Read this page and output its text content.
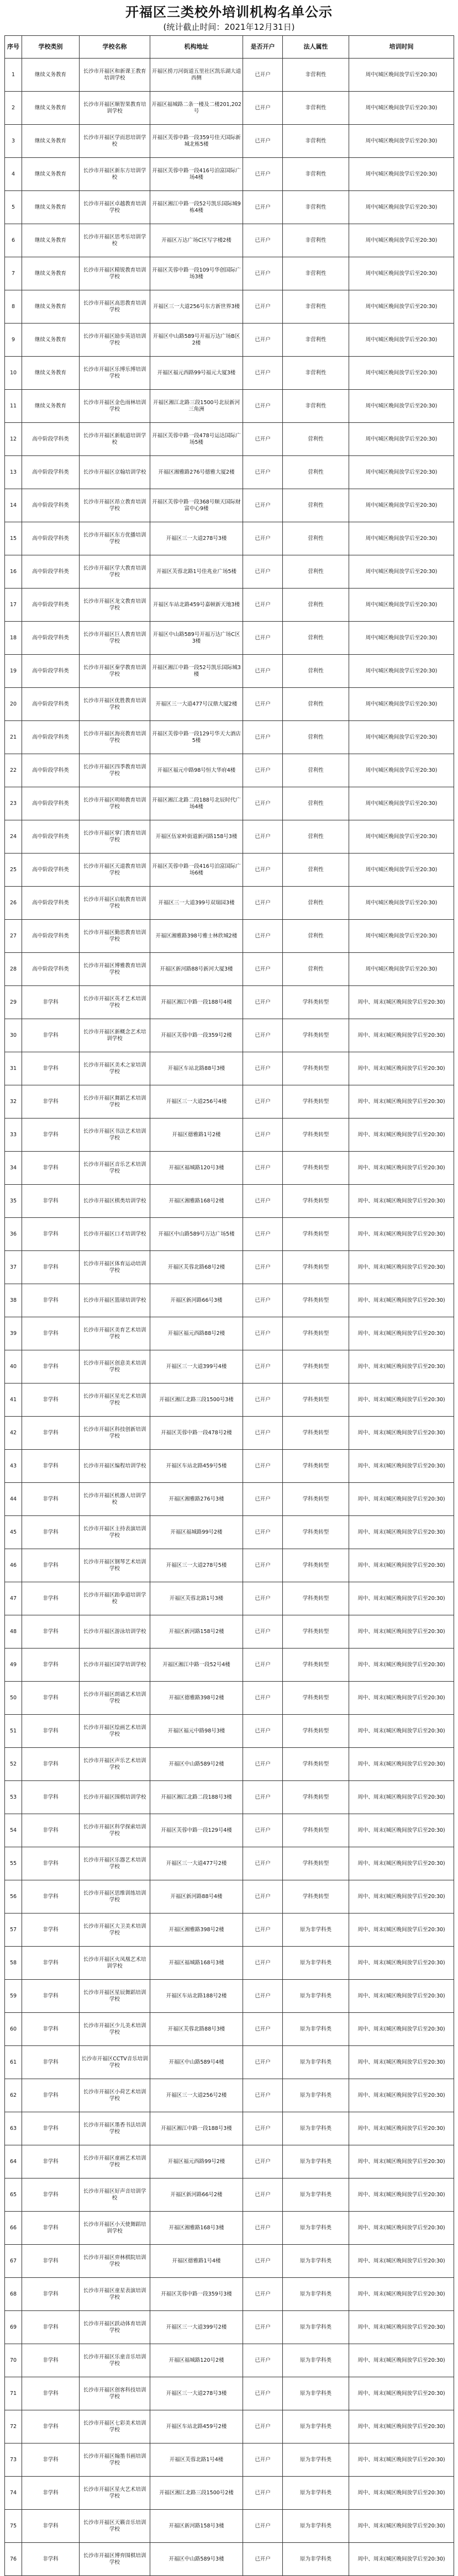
开福区三类校外培训机构名单公示
(统计截止时间：2021年12月31日)
序号	学校类别	学校名称	机构地址	是否开户	法人属性	培训时间
1	继续义务教育	长沙市开福区和新课王教育培训学校	开福区捞刀河街道五里社区凯乐湖大道西侧	已开户	非营利性	周中(城区晚间放学后至20:30)
2	继续义务教育	长沙市开福区顺智果教育培训学校	开福区福城路二条一楼及二楼201,202号	已开户	非营利性	周中(城区晚间放学后至20:30)
3	继续义务教育	长沙市开福区学而思培训学校	开福区芙蓉中路一段359号佳天国际新城北栋5楼	已开户	非营利性	周中(城区晚间放学后至20:30)
4	继续义务教育	长沙市开福区新东方培训学校	开福区芙蓉中路一段416号泊富国际广场4楼	已开户	非营利性	周中(城区晚间放学后至20:30)
5	继续义务教育	长沙市开福区卓越教育培训学校	开福区湘江中路一段52号凯乐国际城9栋4楼	已开户	非营利性	周中(城区晚间放学后至20:30)
6	继续义务教育	长沙市开福区思考乐培训学校	开福区万达广场C区写字楼2楼	已开户	非营利性	周中(城区晚间放学后至20:30)
7	继续义务教育	长沙市开福区精锐教育培训学校	开福区芙蓉中路一段109号华创国际广场3楼	已开户	非营利性	周中(城区晚间放学后至20:30)
8	继续义务教育	长沙市开福区高思教育培训学校	开福区三一大道256号东方新世界3楼	已开户	非营利性	周中(城区晚间放学后至20:30)
9	继续义务教育	长沙市开福区励步英语培训学校	开福区中山路589号开福万达广场B区2楼	已开户	非营利性	周中(城区晚间放学后至20:30)
10	继续义务教育	长沙市开福区乐博乐博培训学校	开福区福元西路99号福元大厦3楼	已开户	非营利性	周中(城区晚间放学后至20:30)
11	继续义务教育	长沙市开福区金色雨林培训学校	开福区湘江北路三段1500号北辰新河三角洲	已开户	非营利性	周中(城区晚间放学后至20:30)
12	高中阶段学科类	长沙市开福区新航道培训学校	开福区芙蓉中路一段478号运达国际广场5楼	已开户	营利性	周中(城区晚间放学后至20:30)
13	高中阶段学科类	长沙市开福区京翰培训学校	开福区湘雅路276号德雅大厦2楼	已开户	营利性	周中(城区晚间放学后至20:30)
14	高中阶段学科类	长沙市开福区昂立教育培训学校	开福区芙蓉中路一段368号顺天国际财富中心9楼	已开户	营利性	周中(城区晚间放学后至20:30)
15	高中阶段学科类	长沙市开福区东方优播培训学校	开福区三一大道278号3楼	已开户	营利性	周中(城区晚间放学后至20:30)
16	高中阶段学科类	长沙市开福区学大教育培训学校	开福区芙蓉北路1号佳兆业广场5楼	已开户	营利性	周中(城区晚间放学后至20:30)
17	高中阶段学科类	长沙市开福区龙文教育培训学校	开福区车站北路459号嘉顿新天地3楼	已开户	营利性	周中(城区晚间放学后至20:30)
18	高中阶段学科类	长沙市开福区巨人教育培训学校	开福区中山路589号开福万达广场C区3楼	已开户	营利性	周中(城区晚间放学后至20:30)
19	高中阶段学科类	长沙市开福区秦学教育培训学校	开福区湘江中路一段52号凯乐国际城3楼	已开户	营利性	周中(城区晚间放学后至20:30)
20	高中阶段学科类	长沙市开福区优胜教育培训学校	开福区三一大道477号汉鼎大厦2楼	已开户	营利性	周中(城区晚间放学后至20:30)
21	高中阶段学科类	长沙市开福区海亮教育培训学校	开福区芙蓉中路一段129号华天大酒店5楼	已开户	营利性	周中(城区晚间放学后至20:30)
22	高中阶段学科类	长沙市开福区四季教育培训学校	开福区福元中路98号恒大华府4楼	已开户	营利性	周中(城区晚间放学后至20:30)
23	高中阶段学科类	长沙市开福区明师教育培训学校	开福区湘江北路二段188号北辰时代广场4楼	已开户	营利性	周中(城区晚间放学后至20:30)
24	高中阶段学科类	长沙市开福区掌门教育培训学校	开福区伍家岭街道新河路158号3楼	已开户	营利性	周中(城区晚间放学后至20:30)
25	高中阶段学科类	长沙市开福区天道教育培训学校	开福区芙蓉中路一段416号泊富国际广场6楼	已开户	营利性	周中(城区晚间放学后至20:30)
26	高中阶段学科类	长沙市开福区启航教育培训学校	开福区三一大道399号双瑞园3楼	已开户	营利性	周中(城区晚间放学后至20:30)
27	高中阶段学科类	长沙市开福区勤思教育培训学校	开福区湘雅路398号雅士林欣城2楼	已开户	营利性	周中(城区晚间放学后至20:30)
28	高中阶段学科类	长沙市开福区博雅教育培训学校	开福区新河路88号新河大厦3楼	已开户	营利性	周中(城区晚间放学后至20:30)
29	非学科	长沙市开福区英才艺术培训学校	开福区湘江中路一段188号4楼	已开户	学科类转型	周中、周末(城区晚间放学后至20:30)
30	非学科	长沙市开福区新概念艺术培训学校	开福区芙蓉中路一段359号2楼	已开户	学科类转型	周中、周末(城区晚间放学后至20:30)
31	非学科	长沙市开福区美术之家培训学校	开福区车站北路88号3楼	已开户	学科类转型	周中、周末(城区晚间放学后至20:30)
32	非学科	长沙市开福区舞蹈艺术培训学校	开福区三一大道256号4楼	已开户	学科类转型	周中、周末(城区晚间放学后至20:30)
33	非学科	长沙市开福区书法艺术培训学校	开福区德雅路1号2楼	已开户	学科类转型	周中、周末(城区晚间放学后至20:30)
34	非学科	长沙市开福区音乐艺术培训学校	开福区福城路120号3楼	已开户	学科类转型	周中、周末(城区晚间放学后至20:30)
35	非学科	长沙市开福区棋类培训学校	开福区湘雅路168号2楼	已开户	学科类转型	周中、周末(城区晚间放学后至20:30)
36	非学科	长沙市开福区口才培训学校	开福区中山路589号万达广场5楼	已开户	学科类转型	周中、周末(城区晚间放学后至20:30)
37	非学科	长沙市开福区体育运动培训学校	开福区芙蓉北路68号2楼	已开户	学科类转型	周中、周末(城区晚间放学后至20:30)
38	非学科	长沙市开福区篮球培训学校	开福区新河路66号3楼	已开户	学科类转型	周中、周末(城区晚间放学后至20:30)
39	非学科	长沙市开福区美育艺术培训学校	开福区福元西路88号2楼	已开户	学科类转型	周中、周末(城区晚间放学后至20:30)
40	非学科	长沙市开福区创意美术培训学校	开福区三一大道399号4楼	已开户	学科类转型	周中、周末(城区晚间放学后至20:30)
41	非学科	长沙市开福区星光艺术培训学校	开福区湘江北路三段1500号3楼	已开户	学科类转型	周中、周末(城区晚间放学后至20:30)
42	非学科	长沙市开福区科技创新培训学校	开福区芙蓉中路一段478号2楼	已开户	学科类转型	周中、周末(城区晚间放学后至20:30)
43	非学科	长沙市开福区编程培训学校	开福区车站北路459号5楼	已开户	学科类转型	周中、周末(城区晚间放学后至20:30)
44	非学科	长沙市开福区机器人培训学校	开福区湘雅路276号3楼	已开户	学科类转型	周中、周末(城区晚间放学后至20:30)
45	非学科	长沙市开福区主持表演培训学校	开福区福城路99号2楼	已开户	学科类转型	周中、周末(城区晚间放学后至20:30)
46	非学科	长沙市开福区钢琴艺术培训学校	开福区三一大道278号5楼	已开户	学科类转型	周中、周末(城区晚间放学后至20:30)
47	非学科	长沙市开福区跆拳道培训学校	开福区芙蓉北路1号3楼	已开户	学科类转型	周中、周末(城区晚间放学后至20:30)
48	非学科	长沙市开福区游泳培训学校	开福区新河路158号2楼	已开户	学科类转型	周中、周末(城区晚间放学后至20:30)
49	非学科	长沙市开福区国学培训学校	开福区湘江中路一段52号4楼	已开户	学科类转型	周中、周末(城区晚间放学后至20:30)
50	非学科	长沙市开福区朗诵艺术培训学校	开福区德雅路398号2楼	已开户	学科类转型	周中、周末(城区晚间放学后至20:30)
51	非学科	长沙市开福区绘画艺术培训学校	开福区福元中路98号3楼	已开户	学科类转型	周中、周末(城区晚间放学后至20:30)
52	非学科	长沙市开福区声乐艺术培训学校	开福区中山路589号2楼	已开户	学科类转型	周中、周末(城区晚间放学后至20:30)
53	非学科	长沙市开福区围棋培训学校	开福区湘江北路二段188号3楼	已开户	学科类转型	周中、周末(城区晚间放学后至20:30)
54	非学科	长沙市开福区科学探索培训学校	开福区芙蓉中路一段129号4楼	已开户	学科类转型	周中、周末(城区晚间放学后至20:30)
55	非学科	长沙市开福区乐器艺术培训学校	开福区三一大道477号2楼	已开户	学科类转型	周中、周末(城区晚间放学后至20:30)
56	非学科	长沙市开福区思维训练培训学校	开福区新河路88号4楼	已开户	学科类转型	周中、周末(城区晚间放学后至20:30)
57	非学科	长沙市开福区大卫美术培训学校	开福区湘雅路398号2楼	已开户	原为非学科类	周中、周末(城区晚间放学后至20:30)
58	非学科	长沙市开福区火凤凰艺术培训学校	开福区福城路168号3楼	已开户	原为非学科类	周中、周末(城区晚间放学后至20:30)
59	非学科	长沙市开福区星辰舞蹈培训学校	开福区车站北路188号2楼	已开户	原为非学科类	周中、周末(城区晚间放学后至20:30)
60	非学科	长沙市开福区少儿美术培训学校	开福区芙蓉北路88号3楼	已开户	原为非学科类	周中、周末(城区晚间放学后至20:30)
61	非学科	长沙市开福区CCTV音乐培训学校	开福区中山路589号4楼	已开户	原为非学科类	周中、周末(城区晚间放学后至20:30)
62	非学科	长沙市开福区小荷艺术培训学校	开福区三一大道256号2楼	已开户	原为非学科类	周中、周末(城区晚间放学后至20:30)
63	非学科	长沙市开福区墨香书法培训学校	开福区湘江中路一段188号3楼	已开户	原为非学科类	周中、周末(城区晚间放学后至20:30)
64	非学科	长沙市开福区童画艺术培训学校	开福区福元西路99号2楼	已开户	原为非学科类	周中、周末(城区晚间放学后至20:30)
65	非学科	长沙市开福区好声音培训学校	开福区新河路66号2楼	已开户	原为非学科类	周中、周末(城区晚间放学后至20:30)
66	非学科	长沙市开福区小天使舞蹈培训学校	开福区湘雅路168号3楼	已开户	原为非学科类	周中、周末(城区晚间放学后至20:30)
67	非学科	长沙市开福区弈林棋院培训学校	开福区德雅路1号4楼	已开户	原为非学科类	周中、周末(城区晚间放学后至20:30)
68	非学科	长沙市开福区童星表演培训学校	开福区芙蓉中路一段359号3楼	已开户	原为非学科类	周中、周末(城区晚间放学后至20:30)
69	非学科	长沙市开福区跃动体育培训学校	开福区三一大道399号2楼	已开户	原为非学科类	周中、周末(城区晚间放学后至20:30)
70	非学科	长沙市开福区乐童音乐培训学校	开福区福城路120号2楼	已开户	原为非学科类	周中、周末(城区晚间放学后至20:30)
71	非学科	长沙市开福区创客科技培训学校	开福区三一大道278号3楼	已开户	原为非学科类	周中、周末(城区晚间放学后至20:30)
72	非学科	长沙市开福区七彩美术培训学校	开福区车站北路459号2楼	已开户	原为非学科类	周中、周末(城区晚间放学后至20:30)
73	非学科	长沙市开福区翰墨书画培训学校	开福区芙蓉北路1号4楼	已开户	原为非学科类	周中、周末(城区晚间放学后至20:30)
74	非学科	长沙市开福区星火艺术培训学校	开福区湘江北路三段1500号2楼	已开户	原为非学科类	周中、周末(城区晚间放学后至20:30)
75	非学科	长沙市开福区天籁音乐培训学校	开福区新河路158号3楼	已开户	原为非学科类	周中、周末(城区晚间放学后至20:30)
76	非学科	长沙市开福区博弈围棋培训学校	开福区中山路589号3楼	已开户	原为非学科类	周中、周末(城区晚间放学后至20:30)
